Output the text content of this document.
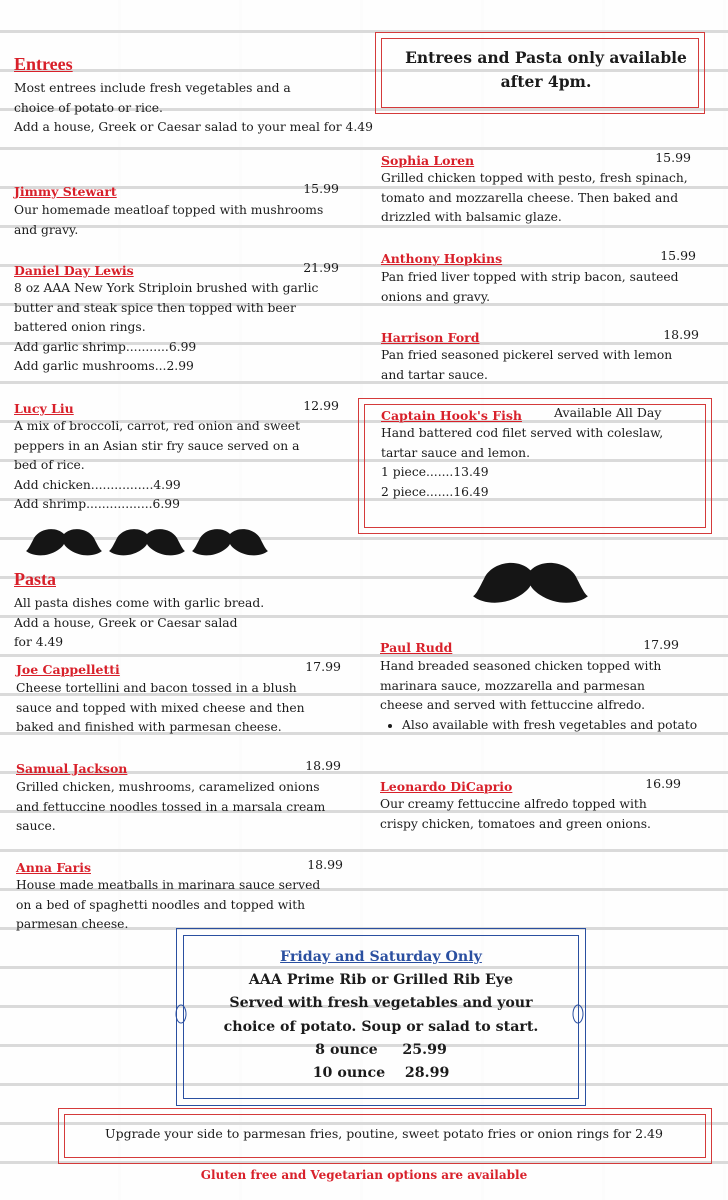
Entrees and Pasta only available
after 4pm.
Entrees
Most entrees include fresh vegetables and a
choice of potato or rice.
Add a house, Greek or Caesar salad to your meal for 4.49
Jimmy Stewart	15.99
Our homemade meatloaf topped with mushrooms
and gravy.
Daniel Day Lewis	21.99
8 oz AAA New York Striploin brushed with garlic
butter and steak spice then topped with beer
battered onion rings.
Add garlic shrimp...........6.99
Add garlic mushrooms...2.99
Lucy Liu	12.99
A mix of broccoli, carrot, red onion and sweet
peppers in an Asian stir fry sauce served on a
bed of rice.
Add chicken................4.99
Add shrimp.................6.99
Sophia Loren	15.99
Grilled chicken topped with pesto, fresh spinach,
tomato and mozzarella cheese. Then baked and
drizzled with balsamic glaze.
Anthony Hopkins	15.99
Pan fried liver topped with strip bacon, sauteed
onions and gravy.
Harrison Ford	18.99
Pan fried seasoned pickerel served with lemon
and tartar sauce.
Captain Hook's Fish	Available All Day
Hand battered cod filet served with coleslaw,
tartar sauce and lemon.
1 piece.......13.49
2 piece.......16.49
Pasta
All pasta dishes come with garlic bread.
Add a house, Greek or Caesar salad
for 4.49
Joe Cappelletti	17.99
Cheese tortellini and bacon tossed in a blush
sauce and topped with mixed cheese and then
baked and finished with parmesan cheese.
Samual Jackson	18.99
Grilled chicken, mushrooms, caramelized onions
and fettuccine noodles tossed in a marsala cream
sauce.
Anna Faris	18.99
House made meatballs in marinara sauce served
on a bed of spaghetti noodles and topped with
parmesan cheese.
Paul Rudd	17.99
Hand breaded seasoned chicken topped with
marinara sauce, mozzarella and parmesan
cheese and served with fettuccine alfredo.
• Also available with fresh vegetables and potato
Leonardo DiCaprio	16.99
Our creamy fettuccine alfredo topped with
crispy chicken, tomatoes and green onions.
Friday and Saturday Only
AAA Prime Rib or Grilled Rib Eye
Served with fresh vegetables and your
choice of potato. Soup or salad to start.
8 ounce     25.99
10 ounce    28.99
Upgrade your side to parmesan fries, poutine, sweet potato fries or onion rings for 2.49
Gluten free and Vegetarian options are available
